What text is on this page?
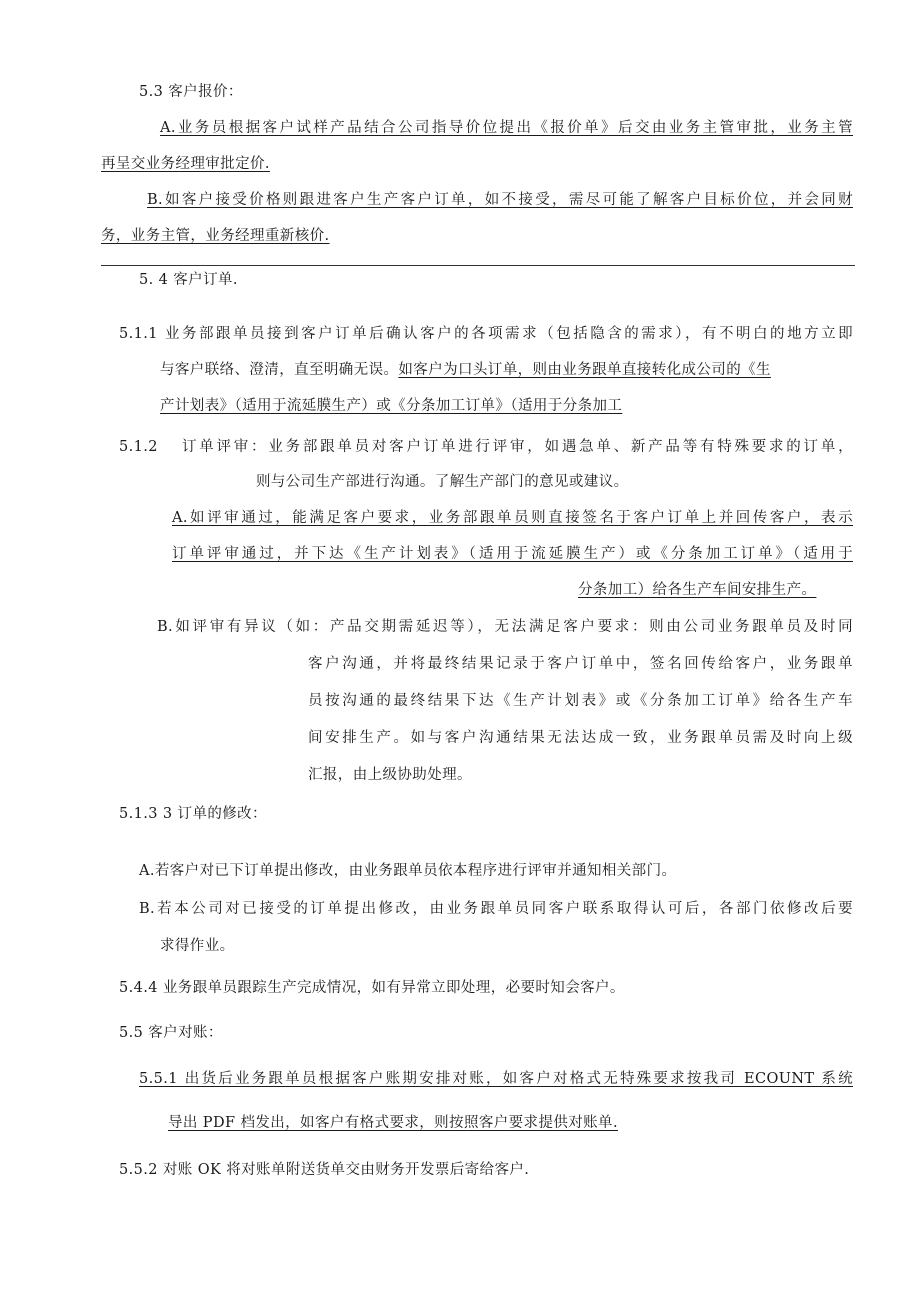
5.3 客户报价：
A.业务员根据客户试样产品结合公司指导价位提出《报价单》后交由业务主管审批，业务主管
再呈交业务经理审批定价.
B.如客户接受价格则跟进客户生产客户订单，如不接受，需尽可能了解客户目标价位，并会同财
务，业务主管，业务经理重新核价.
5. 4 客户订单.
5.1.1 业务部跟单员接到客户订单后确认客户的各项需求（包括隐含的需求），有不明白的地方立即
与客户联络、澄清，直至明确无误。如客户为口头订单，则由业务跟单直接转化成公司的《生
产计划表》（适用于流延膜生产）或《分条加工订单》（适用于分条加工
5.1.2 订单评审：业务部跟单员对客户订单进行评审，如遇急单、新产品等有特殊要求的订单，
则与公司生产部进行沟通。了解生产部门的意见或建议。
A.如评审通过，能满足客户要求，业务部跟单员则直接签名于客户订单上并回传客户，表示
订单评审通过，并下达《生产计划表》（适用于流延膜生产）或《分条加工订单》（适用于
分条加工）给各生产车间安排生产。
B.如评审有异议（如：产品交期需延迟等），无法满足客户要求：则由公司业务跟单员及时同
客户沟通，并将最终结果记录于客户订单中，签名回传给客户，业务跟单
员按沟通的最终结果下达《生产计划表》或《分条加工订单》给各生产车
间安排生产。如与客户沟通结果无法达成一致，业务跟单员需及时向上级
汇报，由上级协助处理。
5.1.3 3 订单的修改：
A.若客户对已下订单提出修改，由业务跟单员依本程序进行评审并通知相关部门。
B.若本公司对已接受的订单提出修改，由业务跟单员同客户联系取得认可后，各部门依修改后要
求得作业。
5.4.4 业务跟单员跟踪生产完成情况，如有异常立即处理，必要时知会客户。
5.5 客户对账：
5.5.1 出货后业务跟单员根据客户账期安排对账，如客户对格式无特殊要求按我司 ECOUNT 系统
导出 PDF 档发出，如客户有格式要求，则按照客户要求提供对账单.
5.5.2 对账 OK 将对账单附送货单交由财务开发票后寄给客户.
